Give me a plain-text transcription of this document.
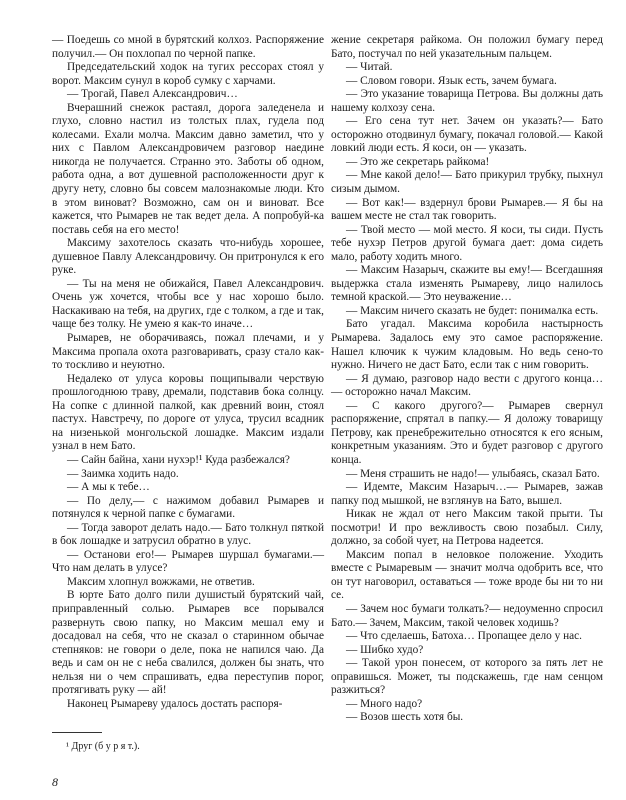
— Поедешь со мной в бурятский колхоз. Распоряжение получил.— Он похлопал по черной папке.

Председательский ходок на тугих рессорах стоял у ворот. Максим сунул в короб сумку с харчами.

— Трогай, Павел Александрович…

Вчерашний снежок растаял, дорога заледенела и глухо, словно настил из толстых плах, гудела под колесами. Ехали молча. Максим давно заметил, что у них с Павлом Александровичем разговор наедине никогда не получается. Странно это. Заботы об одном, работа одна, а вот душевной расположенности друг к другу нету, словно бы совсем малознакомые люди. Кто в этом виноват? Возможно, сам он и виноват. Все кажется, что Рымарев не так ведет дела. А попробуй-ка поставь себя на его место!

Максиму захотелось сказать что-нибудь хорошее, душевное Павлу Александровичу. Он притронулся к его руке.

— Ты на меня не обижайся, Павел Александрович. Очень уж хочется, чтобы все у нас хорошо было. Наскакиваю на тебя, на других, где с толком, а где и так, чаще без толку. Не умею я как-то иначе…

Рымарев, не оборачиваясь, пожал плечами, и у Максима пропала охота разговаривать, сразу стало как-то тоскливо и неуютно.

Недалеко от улуса коровы пощипывали черствую прошлогоднюю траву, дремали, подставив бока солнцу. На сопке с длинной палкой, как древний воин, стоял пастух. Навстречу, по дороге от улуса, трусил всадник на низенькой монгольской лошадке. Максим издали узнал в нем Бато.

— Сайн байна, хани нухэр!¹ Куда разбежался?

— Заимка ходить надо.

— А мы к тебе…

— По делу,— с нажимом добавил Рымарев и потянулся к черной папке с бумагами.

— Тогда заворот делать надо.— Бато толкнул пяткой в бок лошадке и затрусил обратно в улус.

— Останови его!— Рымарев шуршал бумагами.— Что нам делать в улусе?

Максим хлопнул вожжами, не ответив.

В юрте Бато долго пили душистый бурятский чай, приправленный солью. Рымарев все порывался развернуть свою папку, но Максим мешал ему и досадовал на себя, что не сказал о старинном обычае степняков: не говори о деле, пока не напился чаю. Да ведь и сам он не с неба свалился, должен бы знать, что нельзя ни о чем спрашивать, едва переступив порог, протягивать руку — ай!

Наконец Рымареву удалось достать распоря-

жение секретаря райкома. Он положил бумагу перед Бато, постучал по ней указательным пальцем.

— Читай.

— Словом говори. Язык есть, зачем бумага.

— Это указание товарища Петрова. Вы должны дать нашему колхозу сена.

— Его сена тут нет. Зачем он указать?— Бато осторожно отодвинул бумагу, покачал головой.— Какой ловкий люди есть. Я коси, он — указать.

— Это же секретарь райкома!

— Мне какой дело!— Бато прикурил трубку, пыхнул сизым дымом.

— Вот как!— вздернул брови Рымарев.— Я бы на вашем месте не стал так говорить.

— Твой место — мой место. Я коси, ты сиди. Пусть тебе нухэр Петров другой бумага дает: дома сидеть мало, работу ходить много.

— Максим Назарыч, скажите вы ему!— Всегдашняя выдержка стала изменять Рымареву, лицо налилось темной краской.— Это неуважение…

— Максим ничего сказать не будет: понималка есть.

Бато угадал. Максима коробила настырность Рымарева. Задалось ему это самое распоряжение. Нашел ключик к чужим кладовым. Но ведь сено-то нужно. Ничего не даст Бато, если так с ним говорить.

— Я думаю, разговор надо вести с другого конца…— осторожно начал Максим.

— С какого другого?— Рымарев свернул распоряжение, спрятал в папку.— Я доложу товарищу Петрову, как пренебрежительно относятся к его ясным, конкретным указаниям. Это и будет разговор с другого конца.

— Меня страшить не надо!— улыбаясь, сказал Бато.

— Идемте, Максим Назарыч…— Рымарев, зажав папку под мышкой, не взглянув на Бато, вышел.

Никак не ждал от него Максим такой прыти. Ты посмотри! И про вежливость свою позабыл. Силу, должно, за собой чует, на Петрова надеется.

Максим попал в неловкое положение. Уходить вместе с Рымаревым — значит молча одобрить все, что он тут наговорил, оставаться — тоже вроде бы ни то ни се.

— Зачем нос бумаги толкать?— недоуменно спросил Бато.— Зачем, Максим, такой человек ходишь?

— Что сделаешь, Батоха… Пропащее дело у нас.

— Шибко худо?

— Такой урон понесем, от которого за пять лет не оправишься. Может, ты подскажешь, где нам сенцом разжиться?

— Много надо?

— Возов шесть хотя бы.

¹ Друг (б у р я т.).

8
